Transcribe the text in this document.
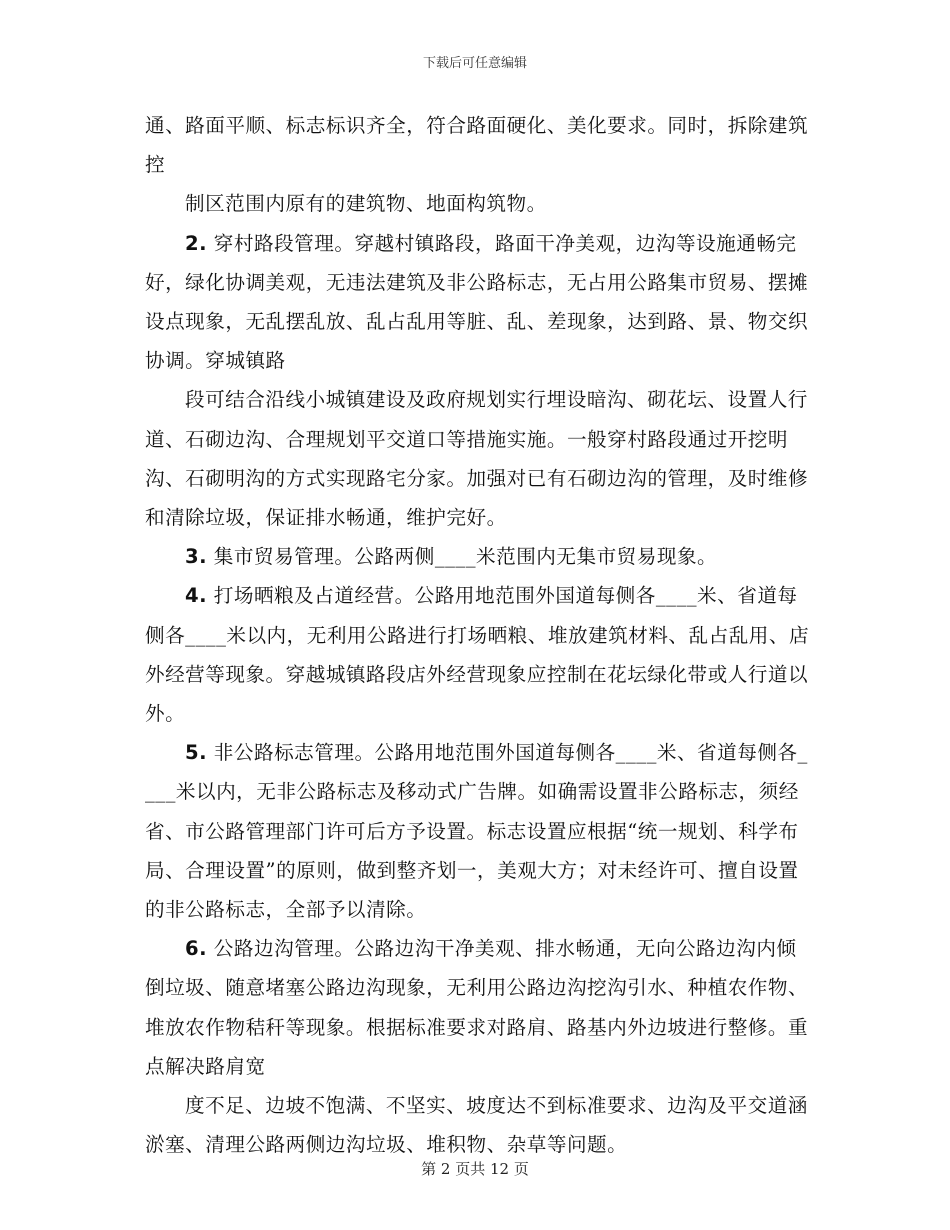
下载后可任意编辑

通、路面平顺、标志标识齐全，符合路面硬化、美化要求。同时，拆除建筑控

制区范围内原有的建筑物、地面构筑物。

2. 穿村路段管理。穿越村镇路段，路面干净美观，边沟等设施通畅完好，绿化协调美观，无违法建筑及非公路标志，无占用公路集市贸易、摆摊设点现象，无乱摆乱放、乱占乱用等脏、乱、差现象，达到路、景、物交织协调。穿城镇路

段可结合沿线小城镇建设及政府规划实行埋设暗沟、砌花坛、设置人行道、石砌边沟、合理规划平交道口等措施实施。一般穿村路段通过开挖明沟、石砌明沟的方式实现路宅分家。加强对已有石砌边沟的管理，及时维修和清除垃圾，保证排水畅通，维护完好。

3. 集市贸易管理。公路两侧____米范围内无集市贸易现象。

4. 打场晒粮及占道经营。公路用地范围外国道每侧各____米、省道每侧各____米以内，无利用公路进行打场晒粮、堆放建筑材料、乱占乱用、店外经营等现象。穿越城镇路段店外经营现象应控制在花坛绿化带或人行道以外。

5. 非公路标志管理。公路用地范围外国道每侧各____米、省道每侧各____米以内，无非公路标志及移动式广告牌。如确需设置非公路标志，须经省、市公路管理部门许可后方予设置。标志设置应根据“统一规划、科学布局、合理设置”的原则，做到整齐划一，美观大方；对未经许可、擅自设置的非公路标志，全部予以清除。

6. 公路边沟管理。公路边沟干净美观、排水畅通，无向公路边沟内倾倒垃圾、随意堵塞公路边沟现象，无利用公路边沟挖沟引水、种植农作物、堆放农作物秸秆等现象。根据标准要求对路肩、路基内外边坡进行整修。重点解决路肩宽

度不足、边坡不饱满、不坚实、坡度达不到标准要求、边沟及平交道涵淤塞、清理公路两侧边沟垃圾、堆积物、杂草等问题。

第 2 页共 12 页
